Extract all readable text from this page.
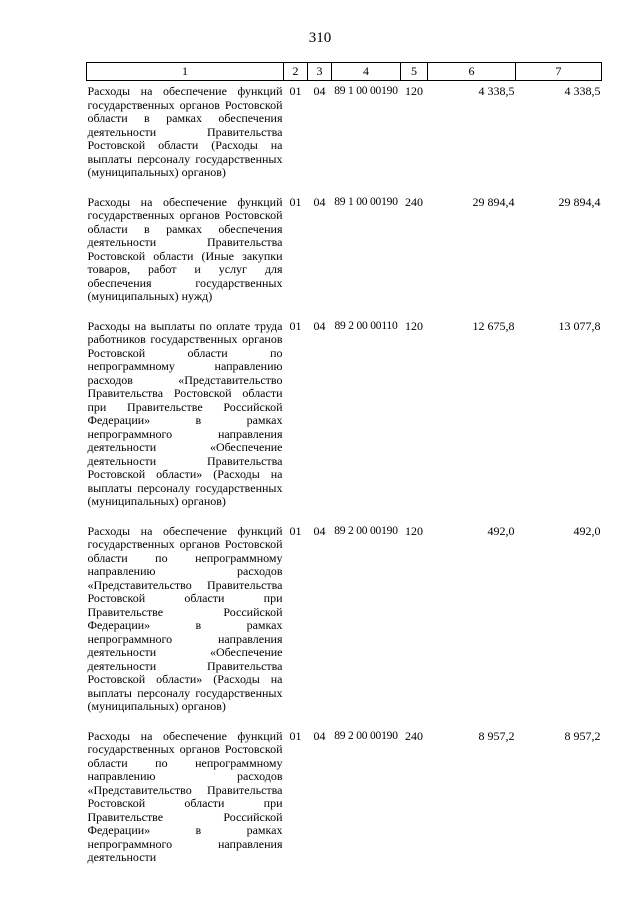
310
1	2	3	4	5	6	7
Расходы на обеспечение функций государственных органов Ростовской области в рамках обеспечения деятельности Правительства Ростовской области (Расходы на выплаты персоналу государственных (муниципальных) органов)	01	04	89 1 00 00190	120	4 338,5	4 338,5
Расходы на обеспечение функций государственных органов Ростовской области в рамках обеспечения деятельности Правительства Ростовской области (Иные закупки товаров, работ и услуг для обеспечения государственных (муниципальных) нужд)	01	04	89 1 00 00190	240	29 894,4	29 894,4
Расходы на выплаты по оплате труда работников государственных органов Ростовской области по непрограммному направлению расходов «Представительство Правительства Ростовской области при Правительстве Российской Федерации» в рамках непрограммного направления деятельности «Обеспечение деятельности Правительства Ростовской области» (Расходы на выплаты персоналу государственных (муниципальных) органов)	01	04	89 2 00 00110	120	12 675,8	13 077,8
Расходы на обеспечение функций государственных органов Ростовской области по непрограммному направлению расходов «Представительство Правительства Ростовской области при Правительстве Российской Федерации» в рамках непрограммного направления деятельности «Обеспечение деятельности Правительства Ростовской области» (Расходы на выплаты персоналу государственных (муниципальных) органов)	01	04	89 2 00 00190	120	492,0	492,0
Расходы на обеспечение функций государственных органов Ростовской области по непрограммному направлению расходов «Представительство Правительства Ростовской области при Правительстве Российской Федерации» в рамках непрограммного направления деятельности	01	04	89 2 00 00190	240	8 957,2	8 957,2
